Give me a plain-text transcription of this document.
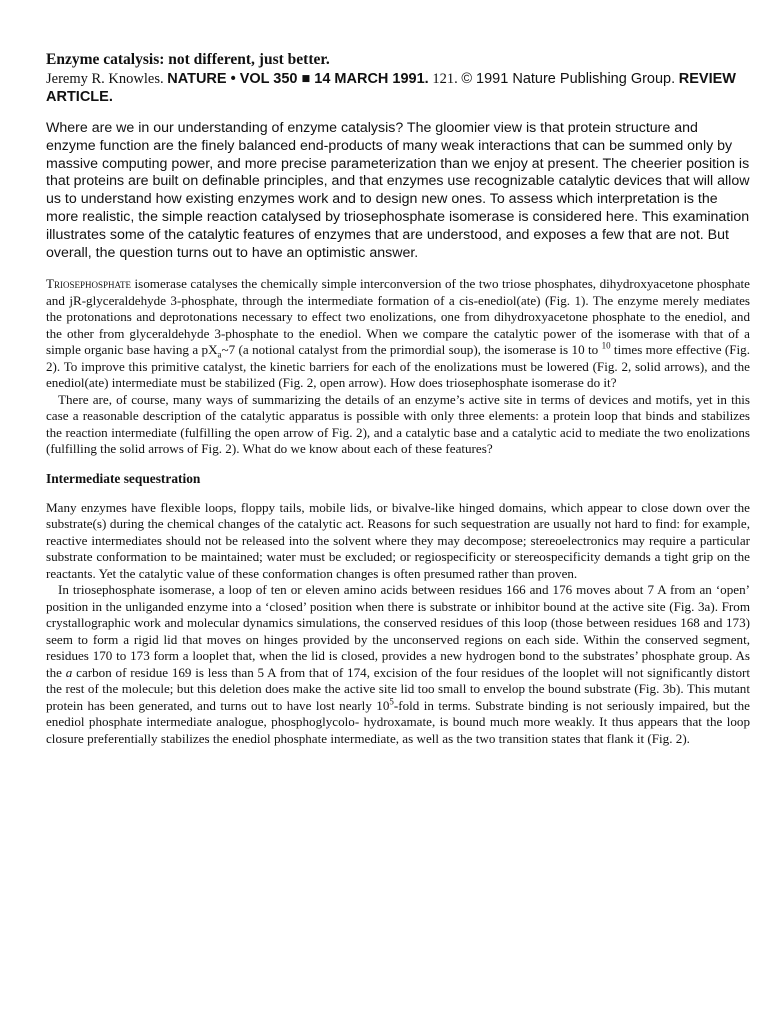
Enzyme catalysis: not different, just better.

Jeremy R. Knowles. NATURE • VOL 350 ■ 14 MARCH 1991. 121. © 1991 Nature Publishing Group. REVIEW ARTICLE.

Where are we in our understanding of enzyme catalysis? The gloomier view is that protein structure and enzyme function are the finely balanced end-products of many weak interactions that can be summed only by massive computing power, and more precise parameterization than we enjoy at present. The cheerier position is that proteins are built on definable principles, and that enzymes use recognizable catalytic devices that will allow us to understand how existing enzymes work and to design new ones. To assess which interpretation is the more realistic, the simple reaction catalysed by triosephosphate isomerase is considered here. This examination illustrates some of the catalytic features of enzymes that are understood, and exposes a few that are not. But overall, the question turns out to have an optimistic answer.

Triosephosphate isomerase catalyses the chemically simple interconversion of the two triose phosphates, dihydroxyacetone phosphate and jR-glyceraldehyde 3-phosphate, through the intermediate formation of a cis-enediol(ate) (Fig. 1). The enzyme merely mediates the protonations and deprotonations necessary to effect two enolizations, one from dihydroxyacetone phosphate to the enediol, and the other from glyceraldehyde 3-phosphate to the enediol. When we compare the catalytic power of the isomerase with that of a simple organic base having a $pX_a\sim 7$ (a notional catalyst from the primordial soup), the isomerase is 10 to $^{10}$ times more effective (Fig. 2). To improve this primitive catalyst, the kinetic barriers for each of the enolizations must be lowered (Fig. 2, solid arrows), and the enediol(ate) intermediate must be stabilized (Fig. 2, open arrow). How does triosephosphate isomerase do it?

There are, of course, many ways of summarizing the details of an enzyme’s active site in terms of devices and motifs, yet in this case a reasonable description of the catalytic apparatus is possible with only three elements: a protein loop that binds and stabilizes the reaction intermediate (fulfilling the open arrow of Fig. 2), and a catalytic base and a catalytic acid to mediate the two enolizations (fulfilling the solid arrows of Fig. 2). What do we know about each of these features?

Intermediate sequestration

Many enzymes have flexible loops, floppy tails, mobile lids, or bivalve-like hinged domains, which appear to close down over the substrate(s) during the chemical changes of the catalytic act. Reasons for such sequestration are usually not hard to find: for example, reactive intermediates should not be released into the solvent where they may decompose; stereoelectronics may require a particular substrate conformation to be maintained; water must be excluded; or regiospecificity or stereospecificity demands a tight grip on the reactants. Yet the catalytic value of these conformation changes is often presumed rather than proven.

In triosephosphate isomerase, a loop of ten or eleven amino acids between residues 166 and 176 moves about 7 A from an ‘open’ position in the unliganded enzyme into a ‘closed’ position when there is substrate or inhibitor bound at the active site (Fig. 3a). From crystallographic work and molecular dynamics simulations, the conserved residues of this loop (those between residues 168 and 173) seem to form a rigid lid that moves on hinges provided by the unconserved regions on each side. Within the conserved segment, residues 170 to 173 form a looplet that, when the lid is closed, provides a new hydrogen bond to the substrates’ phosphate group. As the a carbon of residue 169 is less than 5 A from that of 174, excision of the four residues of the looplet will not significantly distort the rest of the molecule; but this deletion does make the active site lid too small to envelop the bound substrate (Fig. 3b). This mutant protein has been generated, and turns out to have lost nearly $10^5$-fold in terms. Substrate binding is not seriously impaired, but the enediol phosphate intermediate analogue, phosphoglycolo- hydroxamate, is bound much more weakly. It thus appears that the loop closure preferentially stabilizes the enediol phosphate intermediate, as well as the two transition states that flank it (Fig. 2).
